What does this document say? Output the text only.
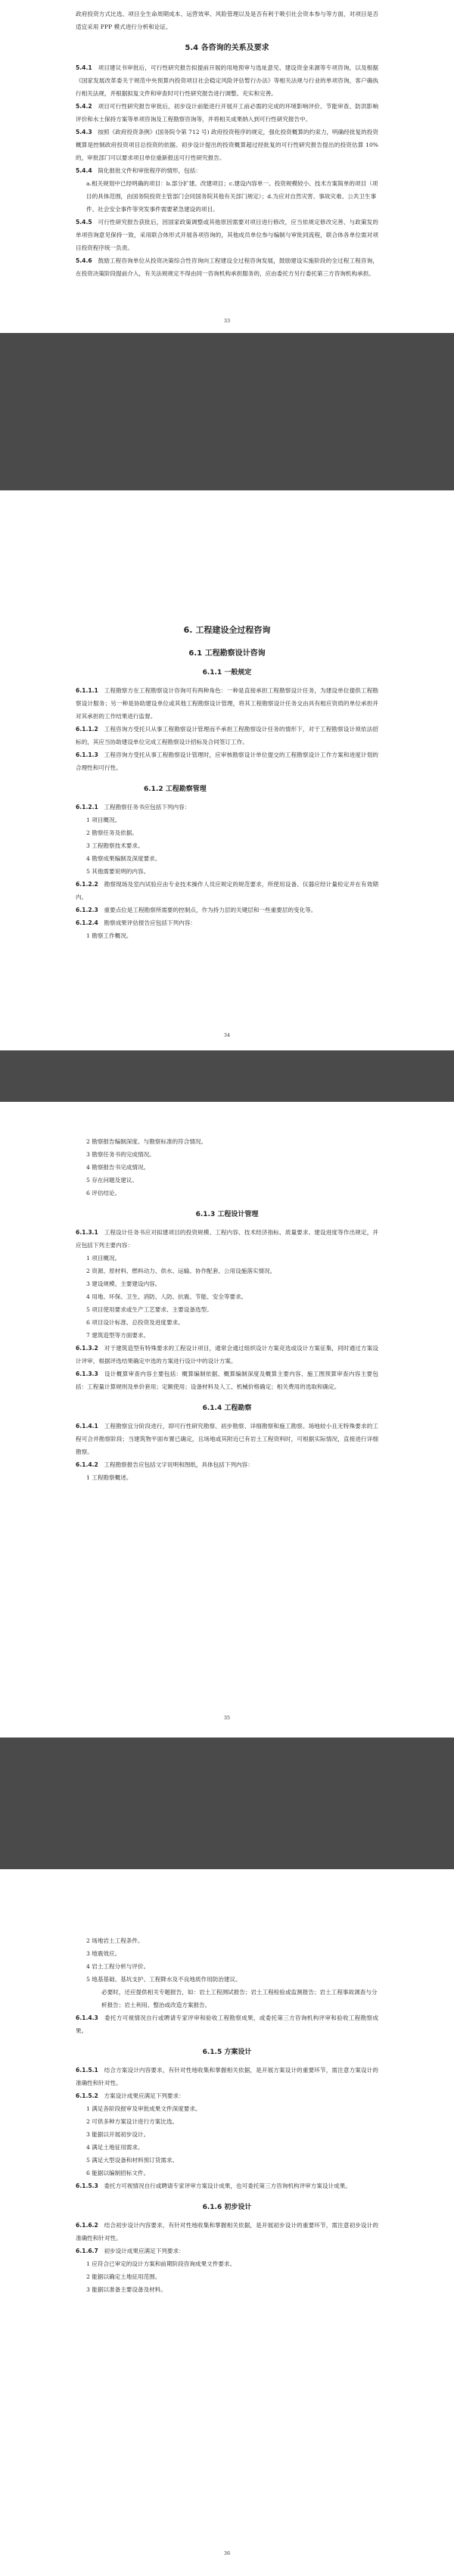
政府投资方式比选、项目全生命周期成本、运营效率、风险管理以及是否有利于吸引社会资本参与等方面，对项目是否适宜采用 PPP 模式进行分析和论证。

5.4 各咨询的关系及要求

5.4.1　 项目建议书审批后，可行性研究报告拟提前开展的用地预审与选址意见、建设资金来源等专项咨询，以及根据《国家发展改革委关于规范中央预算内投资项目社会稳定风险评估暂行办法》等相关法规与行业的单项咨询，客户确执行相关法规，并根据拟复文件和审查时可行性研究报告进行调整、充实和完善。

5.4.2　 项目可行性研究报告审批后，初步设计前能进行开展开工前必需的完成的环境影响评价、节能审查、防洪影响评价和水土保持方案等单项咨询及工程勘察咨询等，并将相关成果纳入到可行性研究报告中。

5.4.3　 按照《政府投资条例》(国务院令第 712 号) 政府投资程序的规定，强化投资概算的约束力，明确经批复的投资概算是控制政府投资项目总投资的依据。初步设计提出的投资概算超过经批复的可行性研究报告提出的投资估算 10%的，审批部门可以要求项目单位重新报送可行性研究报告。

5.4.4　 简化报批文件和审批程序的情形，包括：

a.相关规划中已经明确的项目：b.部分扩建、改建项目；c.建设内容单一、投资规模较小、技术方案简单的项目（项目的具体范围，由国务院投资主管部门会同国务院其他有关部门规定）；d.为应对自然灾害、事故灾难、公共卫生事件、社会安全事件等突发事件需要紧急建设的项目。

5.4.5　 可行性研究报告获批后，因国家政策调整或其他原因需要对项目进行修改，应当依规定修改完善、与政策发的单项咨询意见保持一致，采用联合体形式开展各项咨询的，其他成员单位参与编制与审批同流程，联合体各单位需对项目投资程序统一负责。

5.4.6　 鼓励工程咨询单位从投资决策综合性咨询向工程建设全过程咨询发展，鼓励建设实施阶段的全过程工程咨询，在投资决策阶段提前介入，有关法规规定不得由同一咨询机构承担服务的，应由委托方另行委托第三方咨询机构承担。

33

6. 工程建设全过程咨询

6.1 工程勘察设计咨询

6.1.1 一般规定

6.1.1.1　 工程勘察方在工程勘察设计咨询可有两种角色：一种是直接承担工程勘察设计任务，为建设单位提供工程勘察设计服务；另一种是协助建设单位或其他工程勘察设计管理，将其工程勘察设计任务交由具有相应资质的单位承担并对其承担的工作结果进行监督。

6.1.1.2　 工程咨询方受托只从事工程勘察设计管理而不承担工程勘察设计任务的情形下，对于工程勘察设计须依法招标的，其应当协助建设单位完成工程勘察设计招标及合同签订工作。

6.1.1.3　 工程咨询方受托从事工程勘察设计管理时，应审核勘察设计单位提交的工程勘察设计工作方案和进度计划的合理性和可行性。

6.1.2 工程勘察管理

6.1.2.1　 工程勘察任务书应包括下列内容：

1 项目概况。

2 勘察任务及依据。

3 工程勘察技术要求。

4 勘察成果编制及深度要求。

5 其他需要说明的内容。

6.1.2.2　 勘察现场及室内试验应由专业技术操作人员应规定的规范要求，所使用设备、仪器应经计量检定并在有效期内。

6.1.2.3　 重要点位是工程勘察所需要的控制点，作为持力层的关键层和一些重要层的变化等。

6.1.2.4　 勘察成果评估报告应包括下列内容：

1 勘察工作概况。

34

2 勘察报告编制深度、与勘察标准的符合情况。

3 勘察任务书的完成情况。

4 勘察报告书完成情况。

5 存在问题及建议。

6 评估结论。

6.1.3 工程设计管理

6.1.3.1　 工程设计任务书应对拟建项目的投资规模、工程内容、技术经济指标、质量要求、建设进度等作出规定，并应包括下列主要内容：

1 项目概况。

2 资源、原材料、燃料动力、供水、运输、协作配套、公用设施落实情况。

3 建设规模、主要建设内容。

4 用地、环保、卫生、消防、人防、抗震、节能、安全等要求。

5 项目使用要求或生产工艺要求、主要设备选型。

6 项目设计标准、总投资及进度要求。

7 建筑造型等方面要求。

6.1.3.2　 对于建筑造型有特殊要求的工程设计项目，通常会通过组织设计方案竞选或设计方案征集，同时通过方案设计评审，根据评选结果确定中选的方案进行设计中的设计方案。

6.1.3.3　 设计概算审查内容主要包括：概算编制依据、概算编制深度及概算主要内容、施工图预算审查内容主要包括：工程量计算规则及单价套用；定额使用；设备材料及人工、机械价格确定；相关费用的选取和确定。

6.1.4 工程勘察

6.1.4.1　 工程勘察宜分阶段进行，即可行性研究勘察、初步勘察、详细勘察和施工勘察。场地较小且无特殊要求的工程可合并勘察阶段；当建筑物平面布置已确定，且场地或其附近已有岩土工程资料时，可根据实际情况，直接进行详细勘察。

6.1.4.2　 工程勘察报告应包括文字说明和图纸，具体包括下列内容：

1 工程勘察概述。

35

2 场地岩土工程条件。

3 地震效应。

4 岩土工程分析与评价。

5 地基基础、基坑支护、工程降水及不良地质作用防治建议。

必要时，还应提供相关专题报告，如：岩土工程测试报告；岩土工程检验或监测报告；岩土工程事故调查与分析报告；岩土利用、整治或改造方案报告。

6.1.4.3　 委托方可视情况自行或聘请专家评审和验收工程勘察成果，或委托第三方咨询机构评审和验收工程勘察成果。

6.1.5 方案设计

6.1.5.1　 结合方案设计内容要求，有针对性地收集和掌握相关依据，是开展方案设计的重要环节，需注意方案设计的准确性和针对性。

6.1.5.2　 方案设计成果应满足下列要求：

1 满足各阶段报审及审批成果文件深度要求。

2 可供多种方案设计进行方案比选。

3 能据以开展初步设计。

4 满足土地征用需求。

5 满足大型设备和材料预订货需求。

6 能据以编制招标文件。

6.1.5.3　 委托方可视情况自行或聘请专家评审方案设计成果，也可委托第三方咨询机构评审方案设计成果。

6.1.6 初步设计

6.1.6.2　 结合初步设计内容要求，有针对性地收集和掌握相关依据，是开展初步设计的重要环节，需注意初步设计的准确性和针对性。

6.1.6.7　 初步设计成果应满足下列要求：

1 应符合已审定的设计方案和前期阶段咨询成果文件要求。

2 能据以确定土地征用范围。

3 能据以准备主要设备及材料。

36
